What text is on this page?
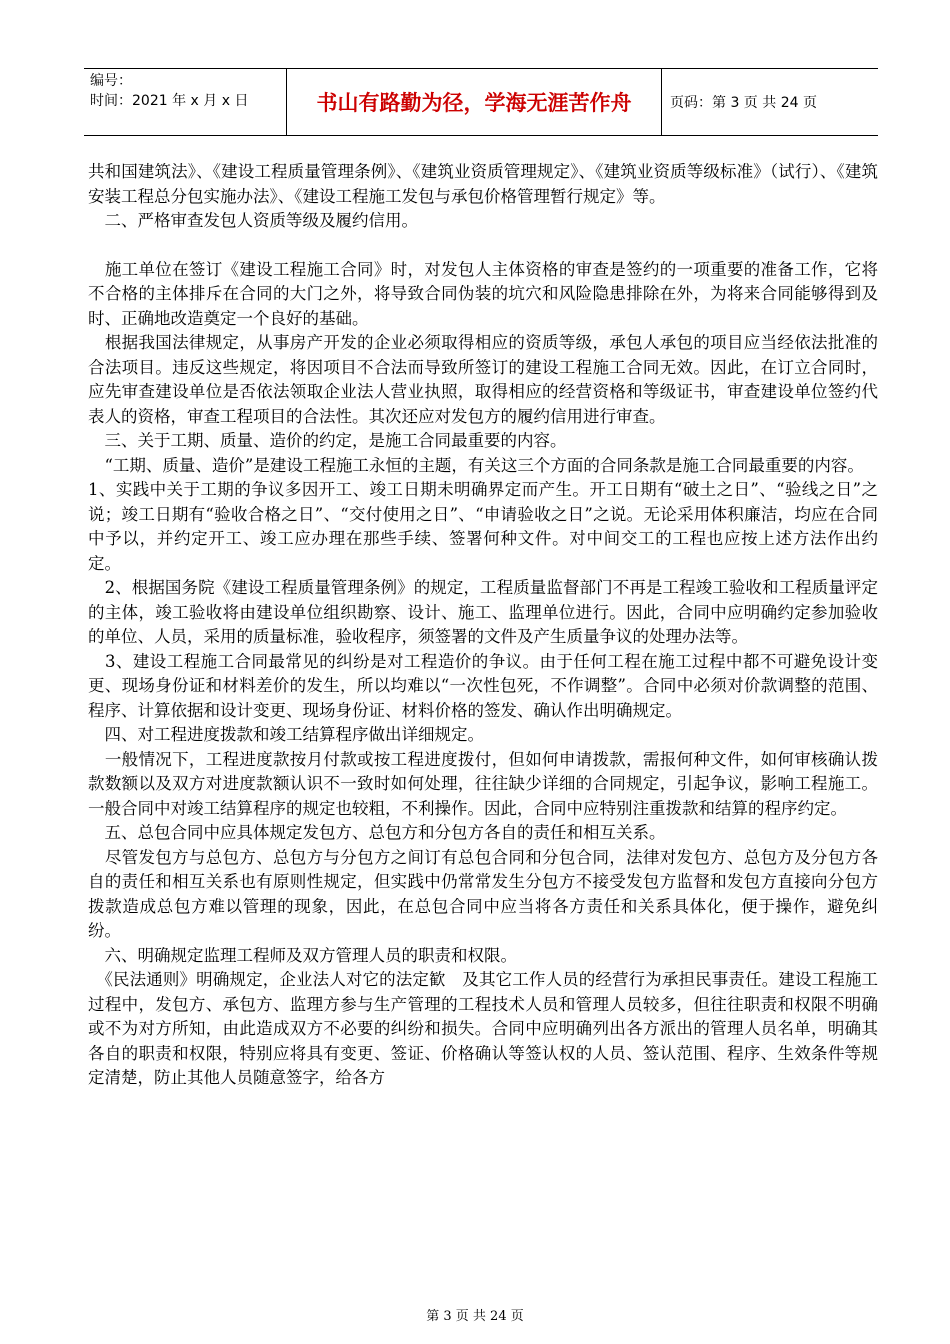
编号：
时间：2021 年 x 月 x 日	书山有路勤为径，学海无涯苦作舟	页码：第 3 页 共 24 页

共和国建筑法》、《建设工程质量管理条例》、《建筑业资质管理规定》、《建筑业资质等级标准》（试行）、《建筑安装工程总分包实施办法》、《建设工程施工发包与承包价格管理暂行规定》等。

　二、严格审查发包人资质等级及履约信用。

　施工单位在签订《建设工程施工合同》时，对发包人主体资格的审查是签约的一项重要的准备工作，它将不合格的主体排斥在合同的大门之外，将导致合同伪装的坑穴和风险隐患排除在外，为将来合同能够得到及时、正确地改造奠定一个良好的基础。

　根据我国法律规定，从事房产开发的企业必须取得相应的资质等级，承包人承包的项目应当经依法批准的合法项目。违反这些规定，将因项目不合法而导致所签订的建设工程施工合同无效。因此，在订立合同时，应先审查建设单位是否依法领取企业法人营业执照，取得相应的经营资格和等级证书，审查建设单位签约代表人的资格，审查工程项目的合法性。其次还应对发包方的履约信用进行审查。

　三、关于工期、质量、造价的约定，是施工合同最重要的内容。

　“工期、质量、造价”是建设工程施工永恒的主题，有关这三个方面的合同条款是施工合同最重要的内容。

1、实践中关于工期的争议多因开工、竣工日期未明确界定而产生。开工日期有“破土之日”、“验线之日”之说；竣工日期有“验收合格之日”、“交付使用之日”、“申请验收之日”之说。无论采用体积廉洁，均应在合同中予以，并约定开工、竣工应办理在那些手续、签署何种文件。对中间交工的工程也应按上述方法作出约定。

　2、根据国务院《建设工程质量管理条例》的规定，工程质量监督部门不再是工程竣工验收和工程质量评定的主体，竣工验收将由建设单位组织勘察、设计、施工、监理单位进行。因此，合同中应明确约定参加验收的单位、人员，采用的质量标准，验收程序，须签署的文件及产生质量争议的处理办法等。

　3、建设工程施工合同最常见的纠纷是对工程造价的争议。由于任何工程在施工过程中都不可避免设计变更、现场身份证和材料差价的发生，所以均难以“一次性包死，不作调整”。合同中必须对价款调整的范围、程序、计算依据和设计变更、现场身份证、材料价格的签发、确认作出明确规定。

　四、对工程进度拨款和竣工结算程序做出详细规定。

　一般情况下，工程进度款按月付款或按工程进度拨付，但如何申请拨款，需报何种文件，如何审核确认拨款数额以及双方对进度款额认识不一致时如何处理，往往缺少详细的合同规定，引起争议，影响工程施工。一般合同中对竣工结算程序的规定也较粗，不利操作。因此，合同中应特别注重拨款和结算的程序约定。

　五、总包合同中应具体规定发包方、总包方和分包方各自的责任和相互关系。

　尽管发包方与总包方、总包方与分包方之间订有总包合同和分包合同，法律对发包方、总包方及分包方各自的责任和相互关系也有原则性规定，但实践中仍常常发生分包方不接受发包方监督和发包方直接向分包方拨款造成总包方难以管理的现象，因此，在总包合同中应当将各方责任和关系具体化，便于操作，避免纠纷。

　六、明确规定监理工程师及双方管理人员的职责和权限。

　《民法通则》明确规定，企业法人对它的法定歓　及其它工作人员的经营行为承担民事责任。建设工程施工过程中，发包方、承包方、监理方参与生产管理的工程技术人员和管理人员较多，但往往职责和权限不明确或不为对方所知，由此造成双方不必要的纠纷和损失。合同中应明确列出各方派出的管理人员名单，明确其各自的职责和权限，特别应将具有变更、签证、价格确认等签认权的人员、签认范围、程序、生效条件等规定清楚，防止其他人员随意签字，给各方

第 3 页 共 24 页
